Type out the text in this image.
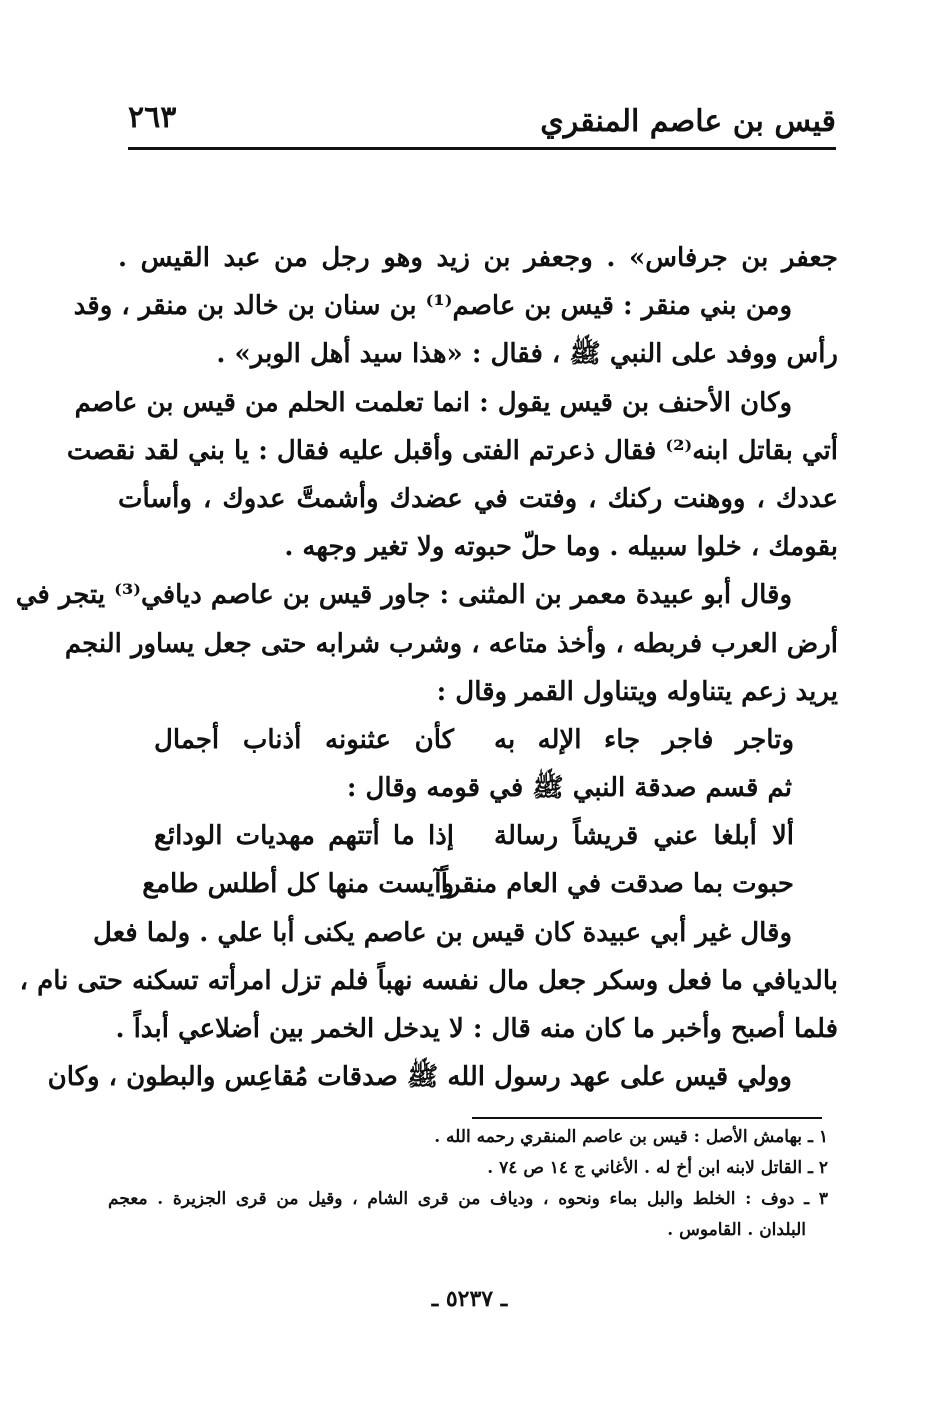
قيس بن عاصم المنقري
٢٦٣
جعفر بن جرفاس» . وجعفر بن زيد وهو رجل من عبد القيس .
ومن بني منقر : قيس بن عاصم⁽¹⁾ بن سنان بن خالد بن منقر ، وقد
رأس ووفد على النبي ﷺ ، فقال : «هذا سيد أهل الوبر» .
وكان الأحنف بن قيس يقول : انما تعلمت الحلم من قيس بن عاصم
أتي بقاتل ابنه⁽²⁾ فقال ذعرتم الفتى وأقبل عليه فقال : يا بني لقد نقصت
عددك ، ووهنت ركنك ، وفتت في عضدك وأشمتَّ عدوك ، وأسأت
بقومك ، خلوا سبيله . وما حلّ حبوته ولا تغير وجهه .
وقال أبو عبيدة معمر بن المثنى : جاور قيس بن عاصم ديافي⁽³⁾ يتجر في
أرض العرب فربطه ، وأخذ متاعه ، وشرب شرابه حتى جعل يساور النجم
يريد زعم يتناوله ويتناول القمر وقال :
وتاجر فاجر جاء الإله به
كأن عثنونه أذناب أجمال
ثم قسم صدقة النبي ﷺ في قومه وقال :
ألا أبلغا عني قريشاً رسالة
إذا ما أتتهم مهديات الودائع
حبوت بما صدقت في العام منقراً
وآيست منها كل أطلس طامع
وقال غير أبي عبيدة كان قيس بن عاصم يكنى أبا علي . ولما فعل
بالديافي ما فعل وسكر جعل مال نفسه نهباً فلم تزل امرأته تسكنه حتى نام ،
فلما أصبح وأخبر ما كان منه قال : لا يدخل الخمر بين أضلاعي أبداً .
وولي قيس على عهد رسول الله ﷺ صدقات مُقاعِس والبطون ، وكان
١ ـ بهامش الأصل : قيس بن عاصم المنقري رحمه الله .
٢ ـ القاتل لابنه ابن أخ له . الأغاني ج ١٤ ص ٧٤ .
٣ ـ دوف : الخلط والبل بماء ونحوه ، ودياف من قرى الشام ، وقيل من قرى الجزيرة . معجم
البلدان . القاموس .
ـ ٥٢٣٧ ـ
